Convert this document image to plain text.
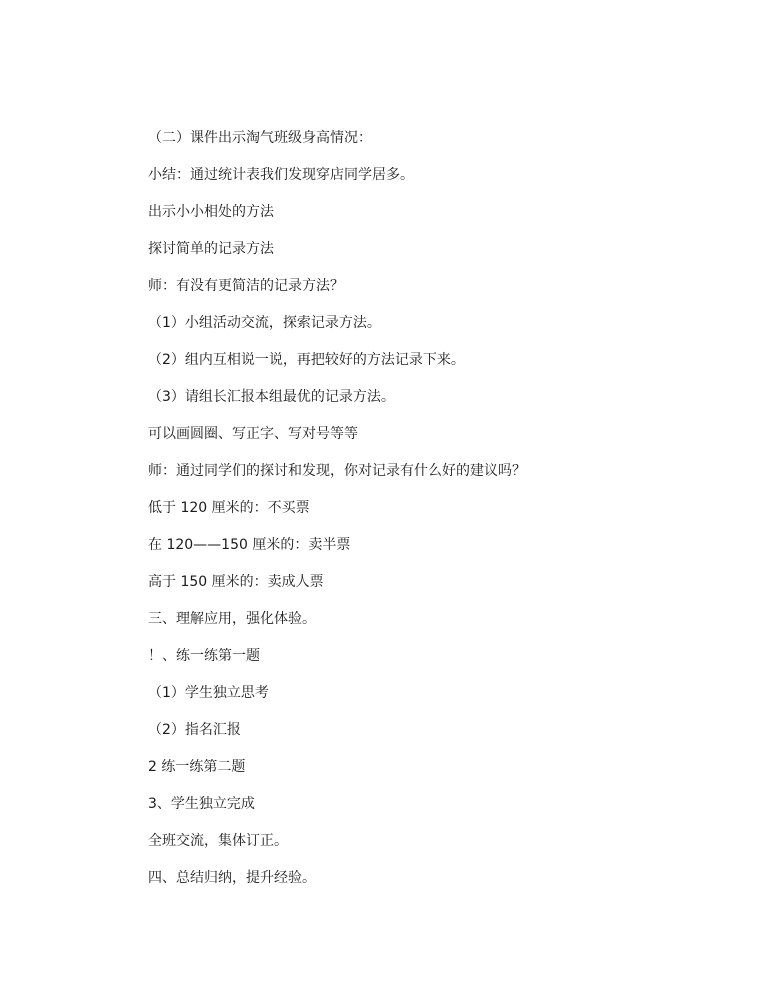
（二）课件出示淘气班级身高情况：

小结：通过统计表我们发现穿店同学居多。

出示小小相处的方法

探讨简单的记录方法

师：有没有更简洁的记录方法？

（1）小组活动交流，探索记录方法。

（2）组内互相说一说，再把较好的方法记录下来。

（3）请组长汇报本组最优的记录方法。

可以画圆圈、写正字、写对号等等

师：通过同学们的探讨和发现，你对记录有什么好的建议吗？

低于 120 厘米的：不买票

在 120——150 厘米的：卖半票

高于 150 厘米的：卖成人票

三、理解应用，强化体验。

！、练一练第一题

（1）学生独立思考

（2）指名汇报

2 练一练第二题

3、学生独立完成

全班交流，集体订正。

四、总结归纳，提升经验。
